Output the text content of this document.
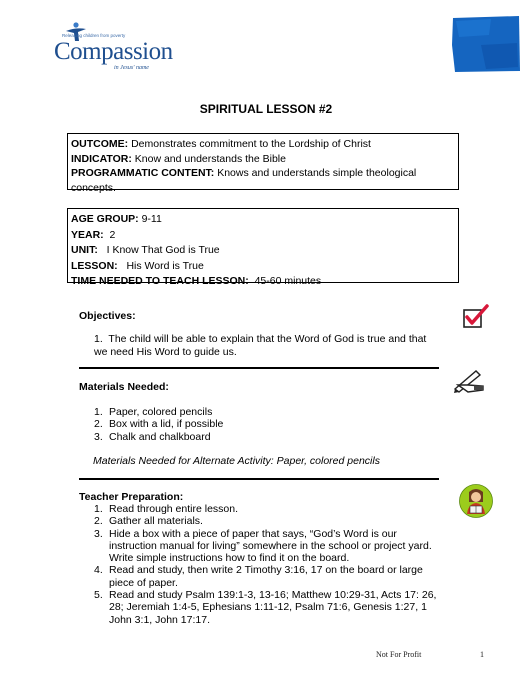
Releasing children from poverty
Compassion
in Jesus' name
SPIRITUAL LESSON #2
OUTCOME: Demonstrates commitment to the Lordship of Christ
INDICATOR: Know and understands the Bible
PROGRAMMATIC CONTENT: Knows and understands simple theological concepts.
AGE GROUP: 9-11
YEAR: 2
UNIT: I Know That God is True
LESSON: His Word is True
TIME NEEDED TO TEACH LESSON: 45-60 minutes
Objectives:
1. The child will be able to explain that the Word of God is true and that we need His Word to guide us.
Materials Needed:
1. Paper, colored pencils
2. Box with a lid, if possible
3. Chalk and chalkboard
Materials Needed for Alternate Activity: Paper, colored pencils
Teacher Preparation:
1. Read through entire lesson.
2. Gather all materials.
3. Hide a box with a piece of paper that says, “God’s Word is our instruction manual for living” somewhere in the school or project yard. Write simple instructions how to find it on the board.
4. Read and study, then write 2 Timothy 3:16, 17 on the board or large piece of paper.
5. Read and study Psalm 139:1-3, 13-16; Matthew 10:29-31, Acts 17: 26, 28; Jeremiah 1:4-5, Ephesians 1:11-12, Psalm 71:6, Genesis 1:27, 1 John 3:1, John 17:17.
Not For Profit	1
